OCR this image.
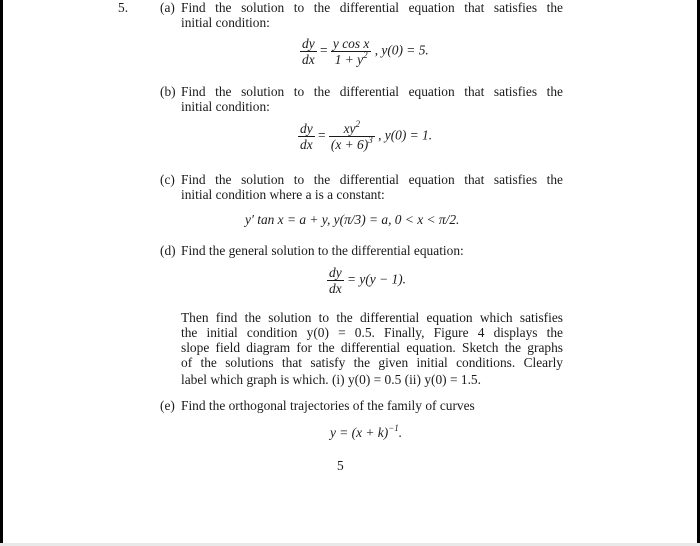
5. (a) Find the solution to the differential equation that satisfies the
initial condition:
$\frac{dy}{dx} = \frac{\text{y cos x}}{1 + y^2}$ , y(0) = 5.
(b) Find the solution to the differential equation that satisfies the
initial condition:
$\frac{dy}{dx} = \frac{xy^2}{(x + 6)^3}$ , y(0) = 1.
(c) Find the solution to the differential equation that satisfies the
initial condition where a is a constant:
y′ tan x = a + y, y(π/3) = a, 0 < x < π/2.
(d) Find the general solution to the differential equation:
$\frac{dy}{dx} = y(y - 1)$.
Then find the solution to the differential equation which satisfies
the initial condition y(0) = 0.5. Finally, Figure 4 displays the
slope field diagram for the differential equation. Sketch the graphs
of the solutions that satisfy the given initial conditions. Clearly
label which graph is which. (i) y(0) = 0.5 (ii) y(0) = 1.5.
(e) Find the orthogonal trajectories of the family of curves
$y = (x + k)^{-1}$.
5
